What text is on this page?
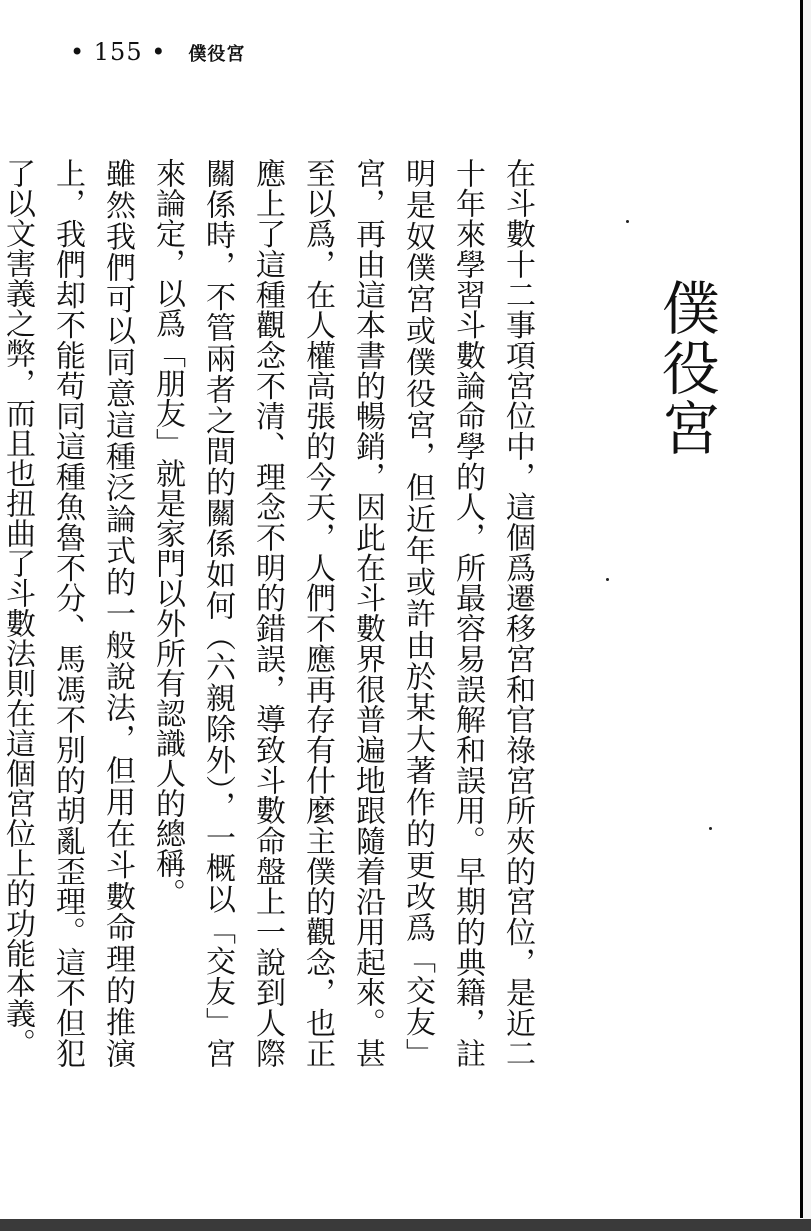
• 155 • 僕役宮
僕役宮

在斗數十二事項宮位中，這個爲遷移宮和官祿宮所夾的宮位，是近二十年來學習斗數論命學的人，所最容易誤解和誤用。早期的典籍，註明是奴僕宮或僕役宮，但近年或許由於某大著作的更改爲「交友」宮，再由這本書的暢銷，因此在斗數界很普遍地跟隨着沿用起來。甚至以爲，在人權高張的今天，人們不應再存有什麼主僕的觀念，也正應上了這種觀念不清、理念不明的錯誤，導致斗數命盤上一說到人際關係時，不管兩者之間的關係如何（六親除外），一概以「交友」宮來論定，以爲「朋友」就是家門以外所有認識人的總稱。

雖然我們可以同意這種泛論式的一般說法，但用在斗數命理的推演上，我們却不能苟同這種魚魯不分、馬馮不別的胡亂歪理。這不但犯了以文害義之弊，而且也扭曲了斗數法則在這個宮位上的功能本義。
